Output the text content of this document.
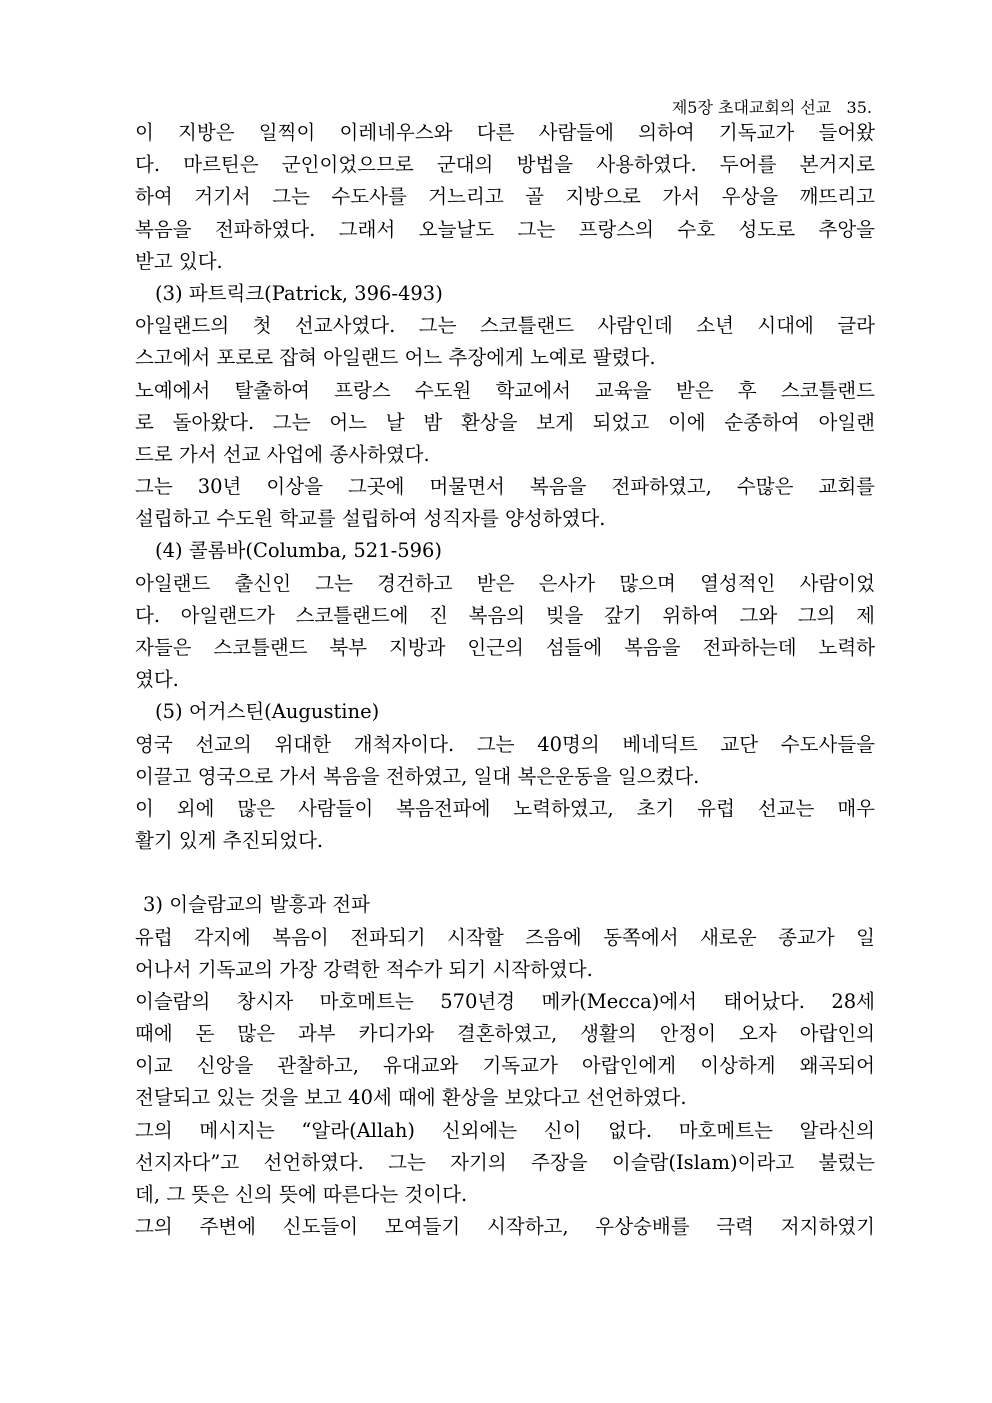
제5장 초대교회의 선교 35.
이 지방은 일찍이 이레네우스와 다른 사람들에 의하여 기독교가 들어왔
다. 마르틴은 군인이었으므로 군대의 방법을 사용하였다. 두어를 본거지로
하여 거기서 그는 수도사를 거느리고 골 지방으로 가서 우상을 깨뜨리고
복음을 전파하였다. 그래서 오늘날도 그는 프랑스의 수호 성도로 추앙을
받고 있다.
(3) 파트릭크(Patrick, 396-493)
아일랜드의 첫 선교사였다. 그는 스코틀랜드 사람인데 소년 시대에 글라
스고에서 포로로 잡혀 아일랜드 어느 추장에게 노예로 팔렸다.
노예에서 탈출하여 프랑스 수도원 학교에서 교육을 받은 후 스코틀랜드
로 돌아왔다. 그는 어느 날 밤 환상을 보게 되었고 이에 순종하여 아일랜
드로 가서 선교 사업에 종사하였다.
그는 30년 이상을 그곳에 머물면서 복음을 전파하였고, 수많은 교회를
설립하고 수도원 학교를 설립하여 성직자를 양성하였다.
(4) 콜롬바(Columba, 521-596)
아일랜드 출신인 그는 경건하고 받은 은사가 많으며 열성적인 사람이었
다. 아일랜드가 스코틀랜드에 진 복음의 빚을 갚기 위하여 그와 그의 제
자들은 스코틀랜드 북부 지방과 인근의 섬들에 복음을 전파하는데 노력하
였다.
(5) 어거스틴(Augustine)
영국 선교의 위대한 개척자이다. 그는 40명의 베네딕트 교단 수도사들을
이끌고 영국으로 가서 복음을 전하였고, 일대 복은운동을 일으켰다.
이 외에 많은 사람들이 복음전파에 노력하였고, 초기 유럽 선교는 매우
활기 있게 추진되었다.
3) 이슬람교의 발흥과 전파
유럽 각지에 복음이 전파되기 시작할 즈음에 동쪽에서 새로운 종교가 일
어나서 기독교의 가장 강력한 적수가 되기 시작하였다.
이슬람의 창시자 마호메트는 570년경 메카(Mecca)에서 태어났다. 28세
때에 돈 많은 과부 카디가와 결혼하였고, 생활의 안정이 오자 아랍인의
이교 신앙을 관찰하고, 유대교와 기독교가 아랍인에게 이상하게 왜곡되어
전달되고 있는 것을 보고 40세 때에 환상을 보았다고 선언하였다.
그의 메시지는 “알라(Allah) 신외에는 신이 없다. 마호메트는 알라신의
선지자다”고 선언하였다. 그는 자기의 주장을 이슬람(Islam)이라고 불렀는
데, 그 뜻은 신의 뜻에 따른다는 것이다.
그의 주변에 신도들이 모여들기 시작하고, 우상숭배를 극력 저지하였기
